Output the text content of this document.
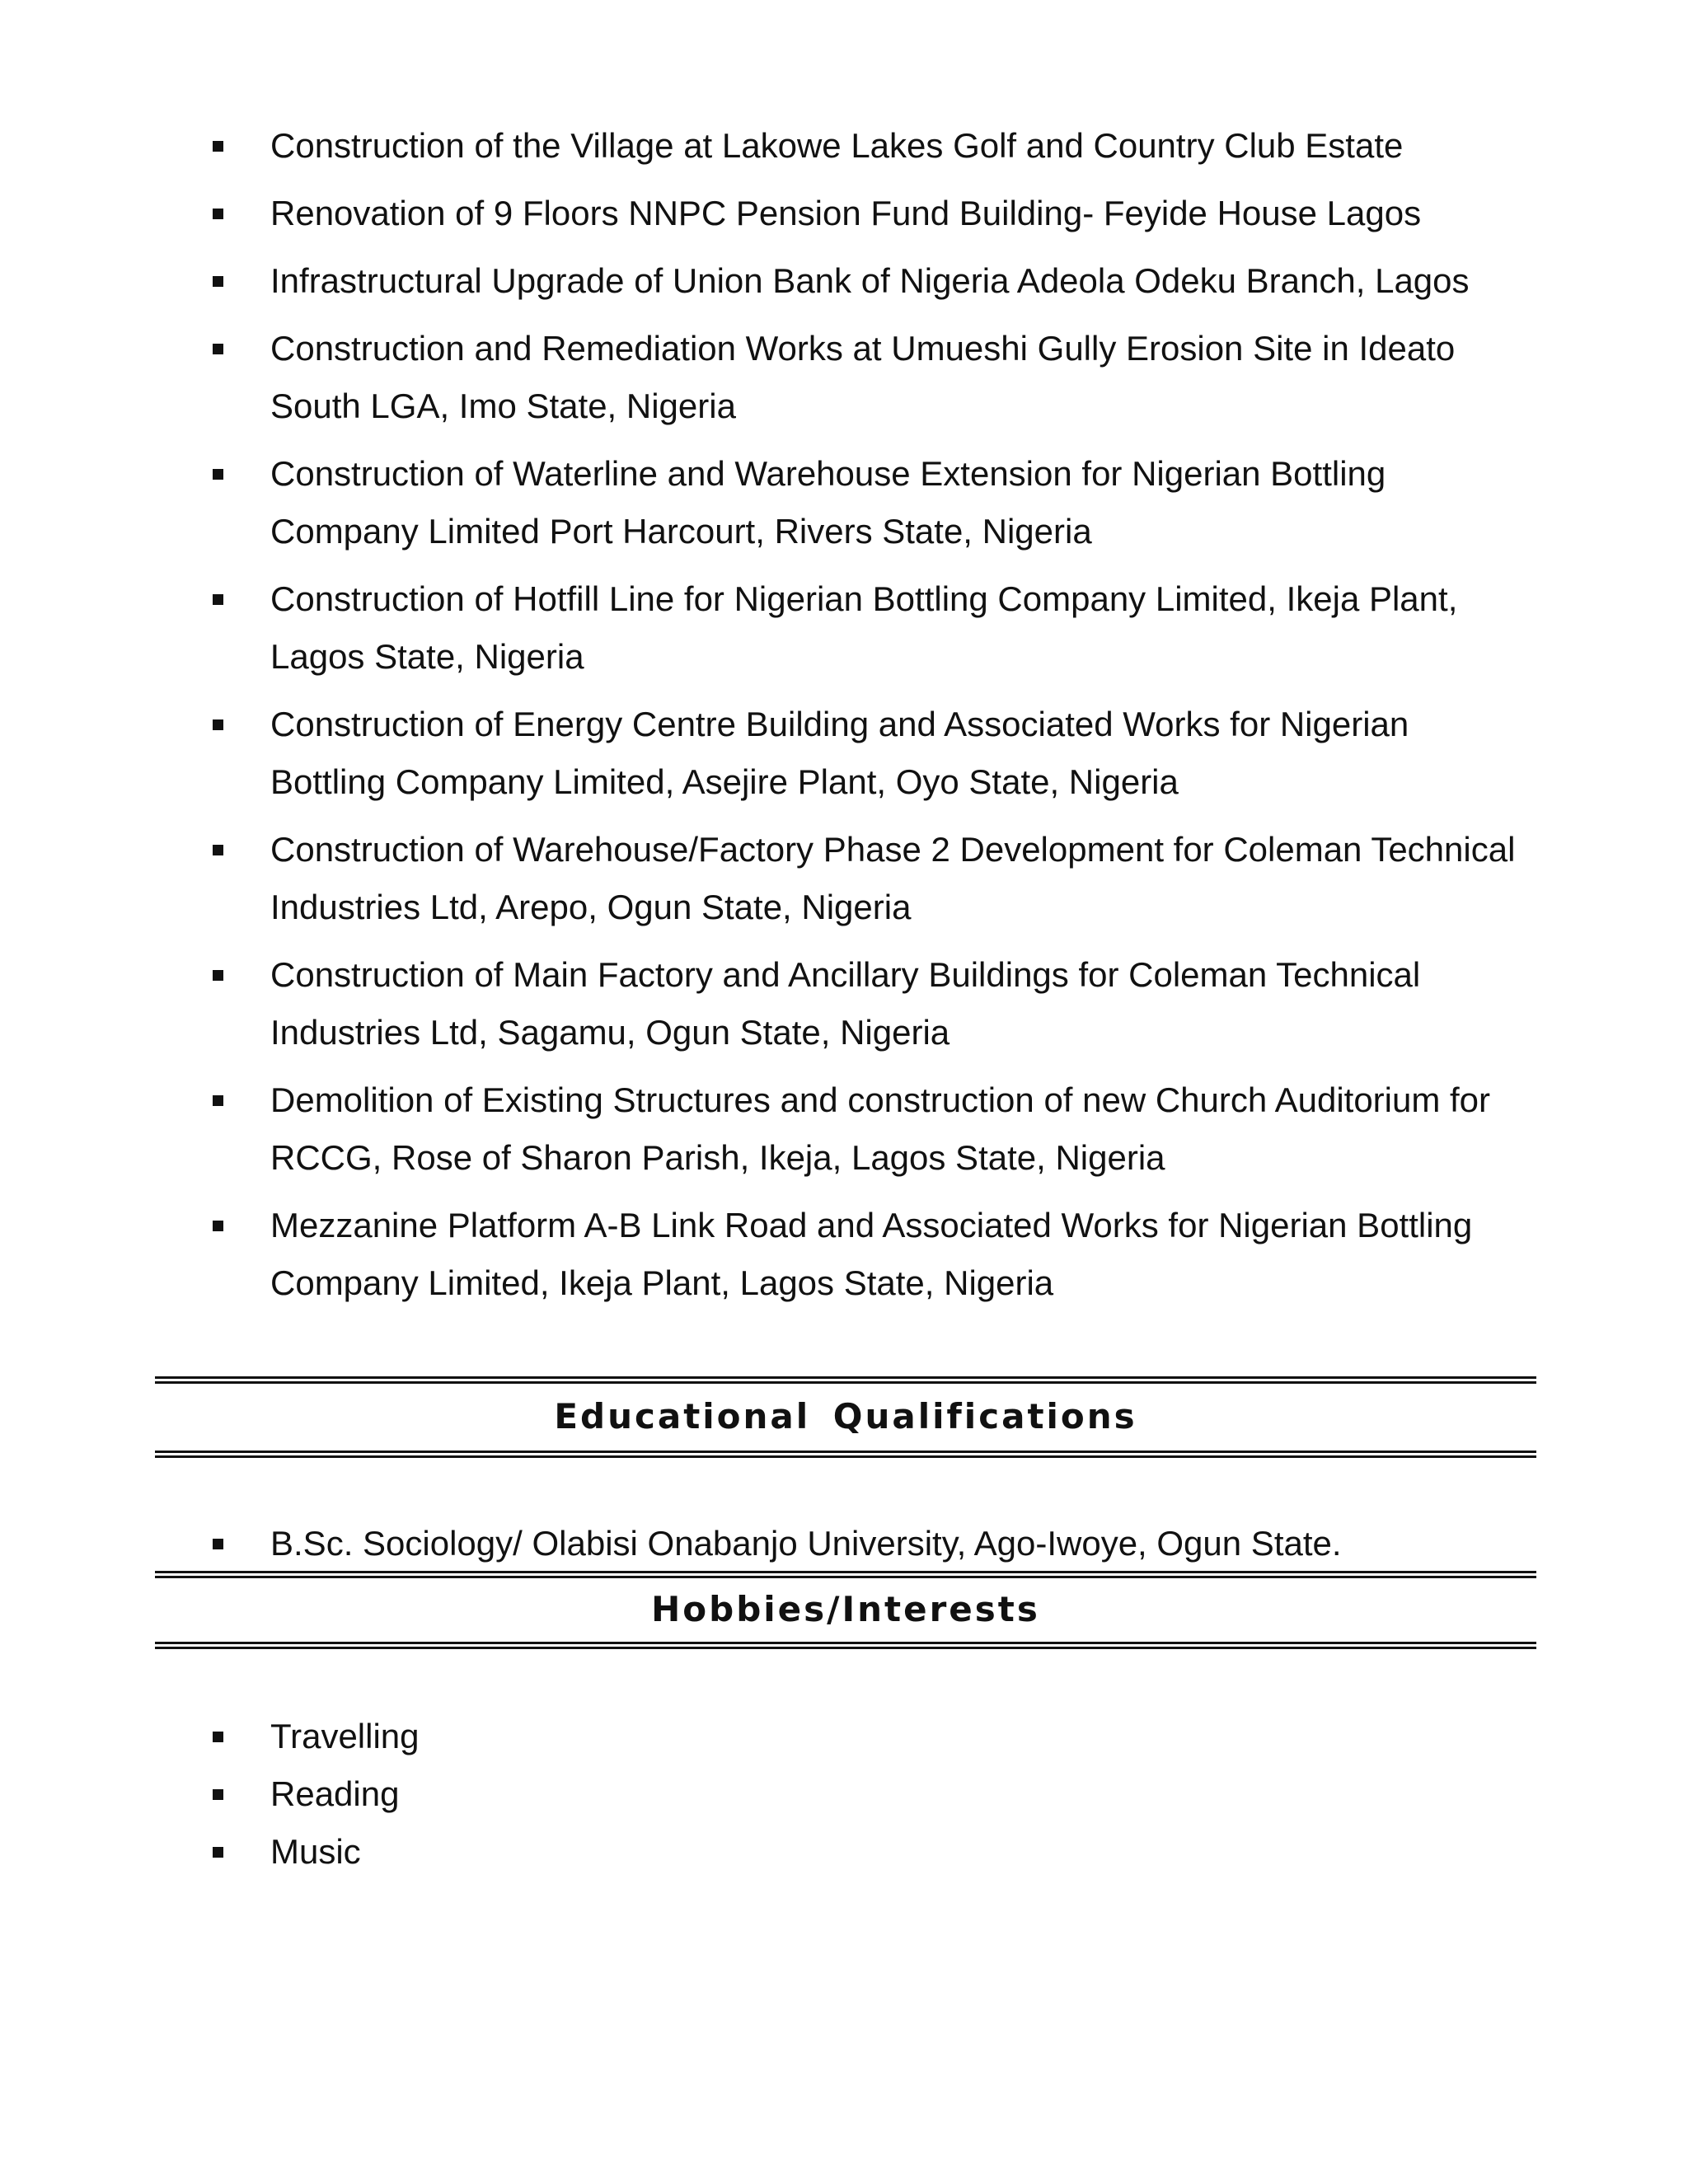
Construction of the Village at Lakowe Lakes Golf and Country Club Estate
Renovation of 9 Floors NNPC Pension Fund Building- Feyide House Lagos
Infrastructural Upgrade of Union Bank of Nigeria Adeola Odeku Branch, Lagos
Construction and Remediation Works at Umueshi Gully Erosion Site in Ideato South LGA, Imo State, Nigeria
Construction of Waterline and Warehouse Extension for Nigerian Bottling Company Limited Port Harcourt, Rivers State, Nigeria
Construction of Hotfill Line for Nigerian Bottling Company Limited, Ikeja Plant, Lagos State, Nigeria
Construction of Energy Centre Building and Associated Works for Nigerian Bottling Company Limited, Asejire Plant, Oyo State, Nigeria
Construction of Warehouse/Factory Phase 2 Development for Coleman Technical Industries Ltd, Arepo, Ogun State, Nigeria
Construction of Main Factory and Ancillary Buildings for Coleman Technical Industries Ltd, Sagamu, Ogun State, Nigeria
Demolition of Existing Structures and construction of new Church Auditorium for RCCG, Rose of Sharon Parish, Ikeja, Lagos State, Nigeria
Mezzanine Platform A-B Link Road and Associated Works for Nigerian Bottling Company Limited, Ikeja Plant, Lagos State, Nigeria
Educational Qualifications
B.Sc. Sociology/ Olabisi Onabanjo University, Ago-Iwoye, Ogun State.
Hobbies/Interests
Travelling
Reading
Music
